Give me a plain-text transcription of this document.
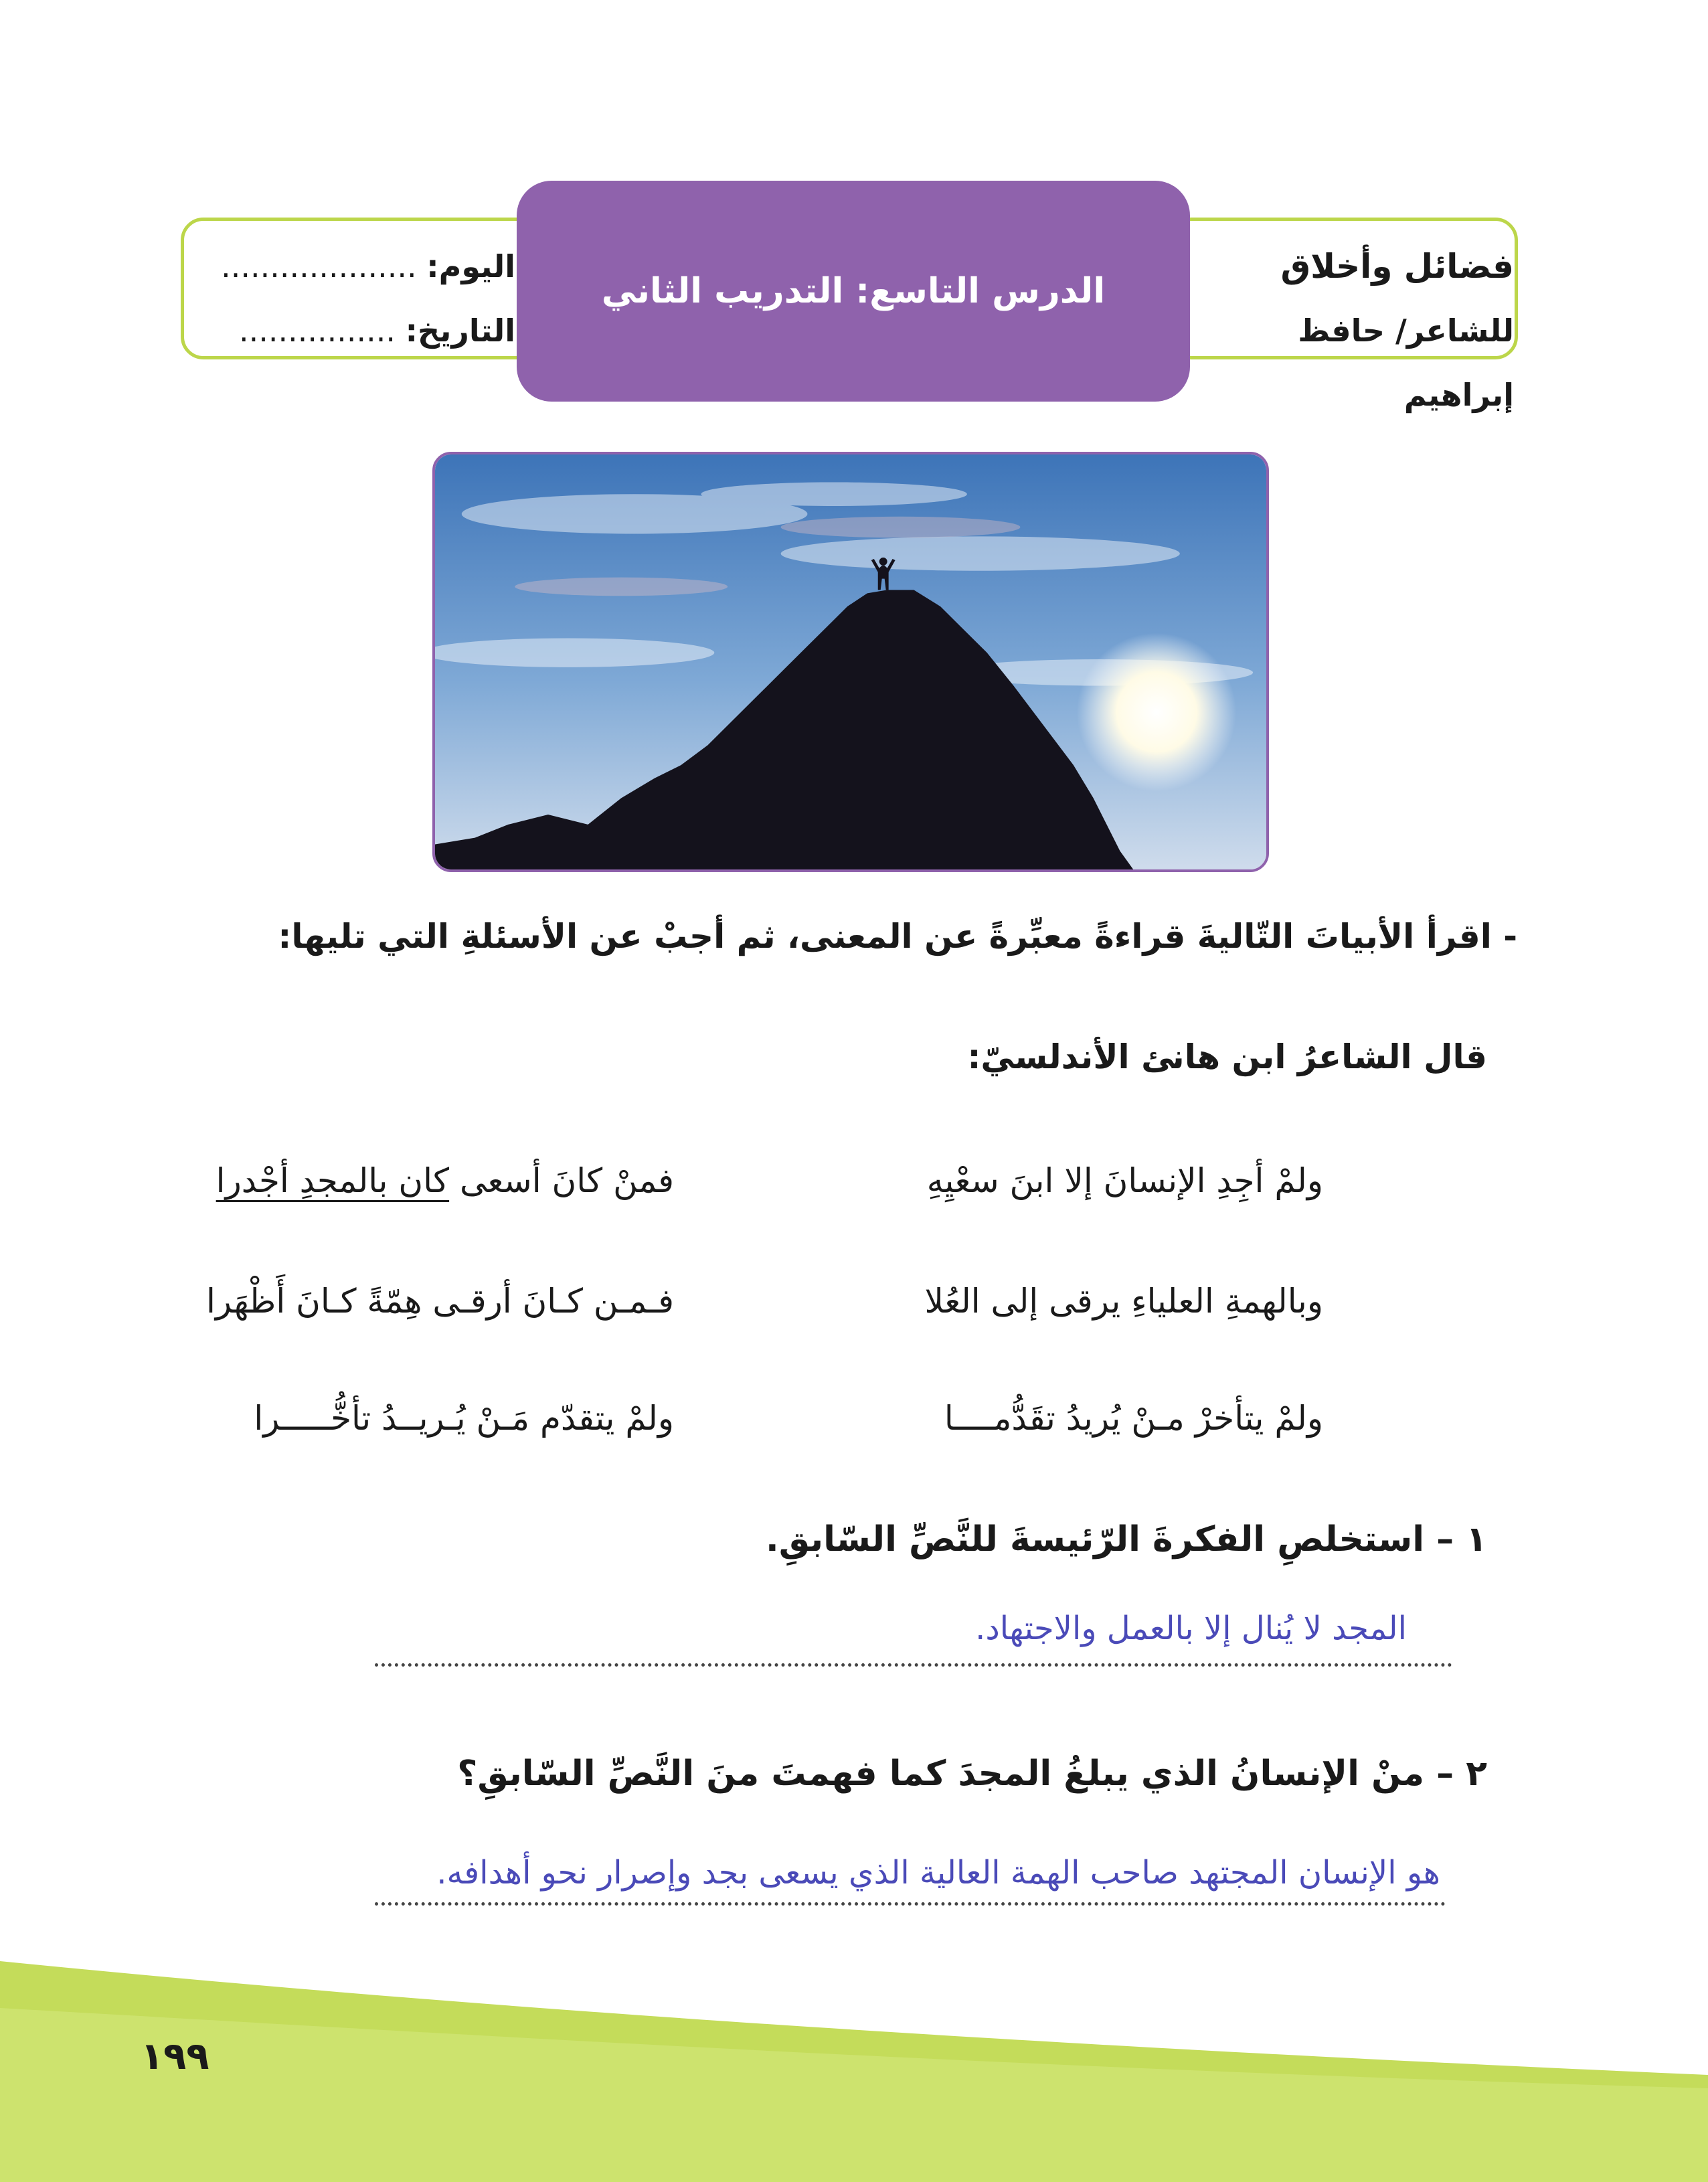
فضائل وأخلاق
للشاعر/ حافظ إبراهيم
الدرس التاسع: التدريب الثاني
اليوم: ....................
التاريخ: ................
- اقرأ الأبياتَ التّاليةَ قراءةً معبِّرةً عن المعنى، ثم أجبْ عن الأسئلةِ التي تليها:
قال الشاعرُ ابن هانئ الأندلسيّ:
ولمْ أجِدِ الإنسانَ إلا ابنَ سعْيِهِ
فمنْ كانَ أسعى كان بالمجدِ أجْدرا
وبالهمةِ العلياءِ يرقى إلى العُلا
فـمـن كـانَ أرقـى هِمّةً كـانَ أَظْهَرا
ولمْ يتأخرْ مـنْ يُريدُ تقَدُّمــــا
ولمْ يتقدّم مَـنْ يُـريــدُ تأخُّـــــرا
١ – استخلصِ الفكرةَ الرّئيسةَ للنَّصِّ السّابقِ.
المجد لا يُنال إلا بالعمل والاجتهاد.
٢ – منْ الإنسانُ الذي يبلغُ المجدَ كما فهمتَ منَ النَّصِّ السّابقِ؟
هو الإنسان المجتهد صاحب الهمة العالية الذي يسعى بجد وإصرار نحو أهدافه.
١٩٩
